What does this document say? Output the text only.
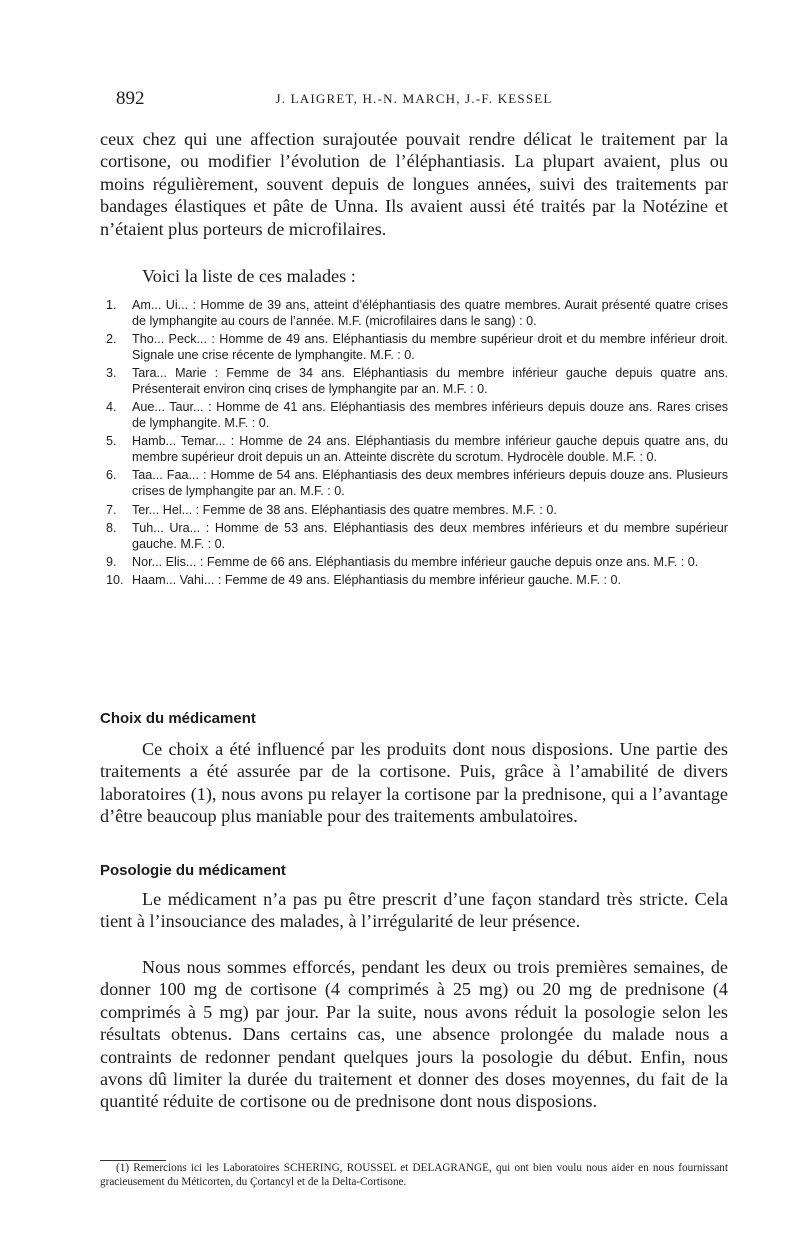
892	J. LAIGRET, H.-N. MARCH, J.-F. KESSEL

ceux chez qui une affection surajoutée pouvait rendre délicat le traitement par la cortisone, ou modifier l’évolution de l’éléphantiasis. La plupart avaient, plus ou moins régulièrement, souvent depuis de longues années, suivi des traitements par bandages élastiques et pâte de Unna. Ils avaient aussi été traités par la Notézine et n’étaient plus porteurs de microfilaires.

Voici la liste de ces malades :

1. Am... Ui... : Homme de 39 ans, atteint d’éléphantiasis des quatre membres. Aurait présenté quatre crises de lymphangite au cours de l’année. M.F. (microfilaires dans le sang) : 0.
2. Tho... Peck... : Homme de 49 ans. Eléphantiasis du membre supérieur droit et du membre inférieur droit. Signale une crise récente de lymphangite. M.F. : 0.
3. Tara... Marie : Femme de 34 ans. Eléphantiasis du membre inférieur gauche depuis quatre ans. Présenterait environ cinq crises de lymphangite par an. M.F. : 0.
4. Aue... Taur... : Homme de 41 ans. Eléphantiasis des membres inférieurs depuis douze ans. Rares crises de lymphangite. M.F. : 0.
5. Hamb... Temar... : Homme de 24 ans. Eléphantiasis du membre inférieur gauche depuis quatre ans, du membre supérieur droit depuis un an. Atteinte discrète du scrotum. Hydrocèle double. M.F. : 0.
6. Taa... Faa... : Homme de 54 ans. Eléphantiasis des deux membres inférieurs depuis douze ans. Plusieurs crises de lymphangite par an. M.F. : 0.
7. Ter... Hel... : Femme de 38 ans. Eléphantiasis des quatre membres. M.F. : 0.
8. Tuh... Ura... : Homme de 53 ans. Eléphantiasis des deux membres inférieurs et du membre supérieur gauche. M.F. : 0.
9. Nor... Elis... : Femme de 66 ans. Eléphantiasis du membre inférieur gauche depuis onze ans. M.F. : 0.
10. Haam... Vahi... : Femme de 49 ans. Eléphantiasis du membre inférieur gauche. M.F. : 0.
Choix du médicament

Ce choix a été influencé par les produits dont nous disposions. Une partie des traitements a été assurée par de la cortisone. Puis, grâce à l’amabilité de divers laboratoires (1), nous avons pu relayer la cortisone par la prednisone, qui a l’avantage d’être beaucoup plus maniable pour des traitements ambulatoires.

Posologie du médicament

Le médicament n’a pas pu être prescrit d’une façon standard très stricte. Cela tient à l’insouciance des malades, à l’irrégularité de leur présence.

Nous nous sommes efforcés, pendant les deux ou trois premières semaines, de donner 100 mg de cortisone (4 comprimés à 25 mg) ou 20 mg de prednisone (4 comprimés à 5 mg) par jour. Par la suite, nous avons réduit la posologie selon les résultats obtenus. Dans certains cas, une absence prolongée du malade nous a contraints de redonner pendant quelques jours la posologie du début. Enfin, nous avons dû limiter la durée du traitement et donner des doses moyennes, du fait de la quantité réduite de cortisone ou de prednisone dont nous disposions.

(1) Remercions ici les Laboratoires SCHERING, ROUSSEL et DELAGRANGE, qui ont bien voulu nous aider en nous fournissant gracieusement du Méticorten, du Çortancyl et de la Delta-Cortisone.
